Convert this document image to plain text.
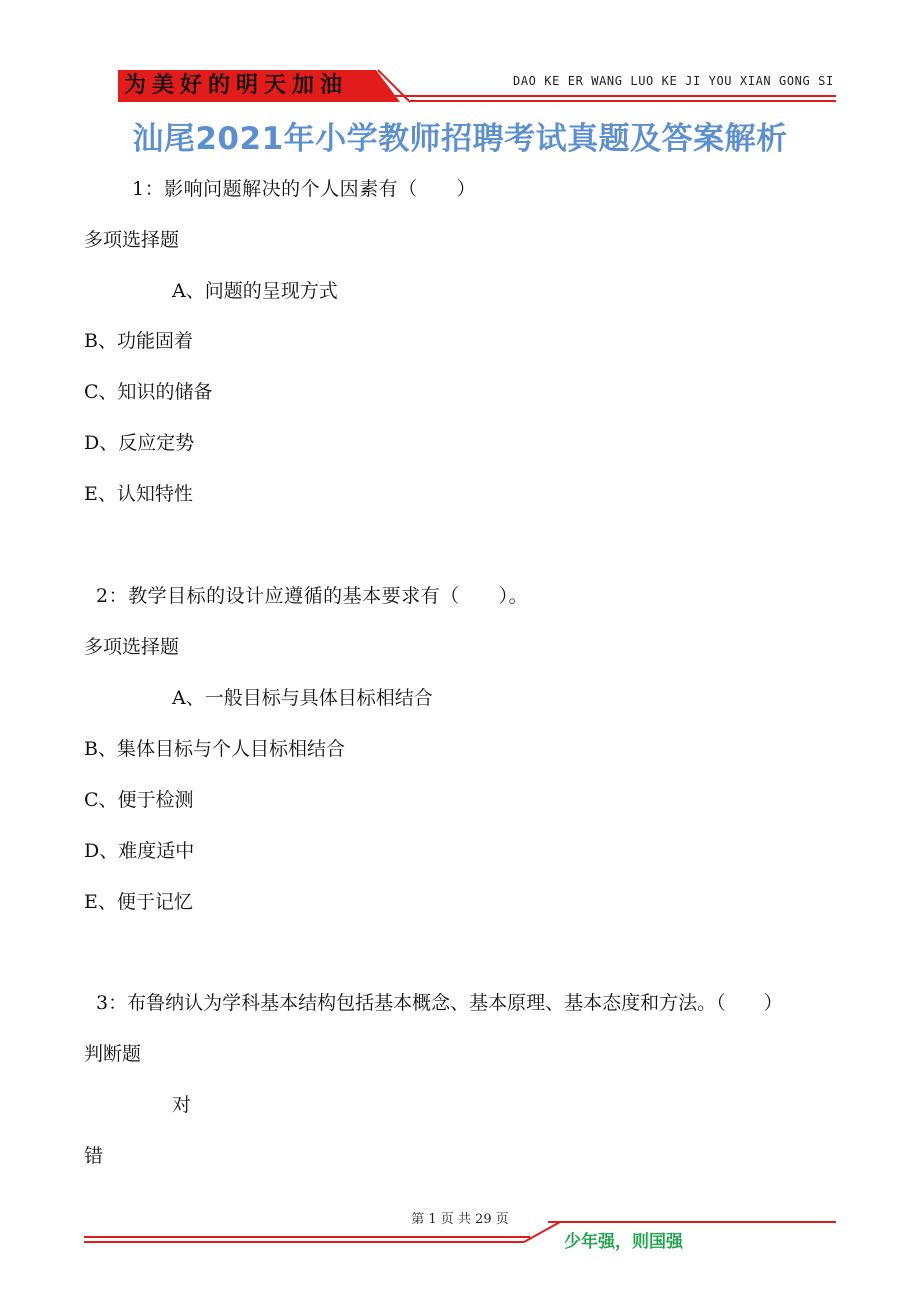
为美好的明天加油	DAO KE ER WANG LUO KE JI YOU XIAN GONG SI
汕尾2021年小学教师招聘考试真题及答案解析
1：影响问题解决的个人因素有（　　）
多项选择题
A、问题的呈现方式
B、功能固着
C、知识的储备
D、反应定势
E、认知特性
2：教学目标的设计应遵循的基本要求有（　　）。
多项选择题
A、一般目标与具体目标相结合
B、集体目标与个人目标相结合
C、便于检测
D、难度适中
E、便于记忆
3：布鲁纳认为学科基本结构包括基本概念、基本原理、基本态度和方法。（　　）
判断题
对
错
第 1 页 共 29 页
少年强，则国强
